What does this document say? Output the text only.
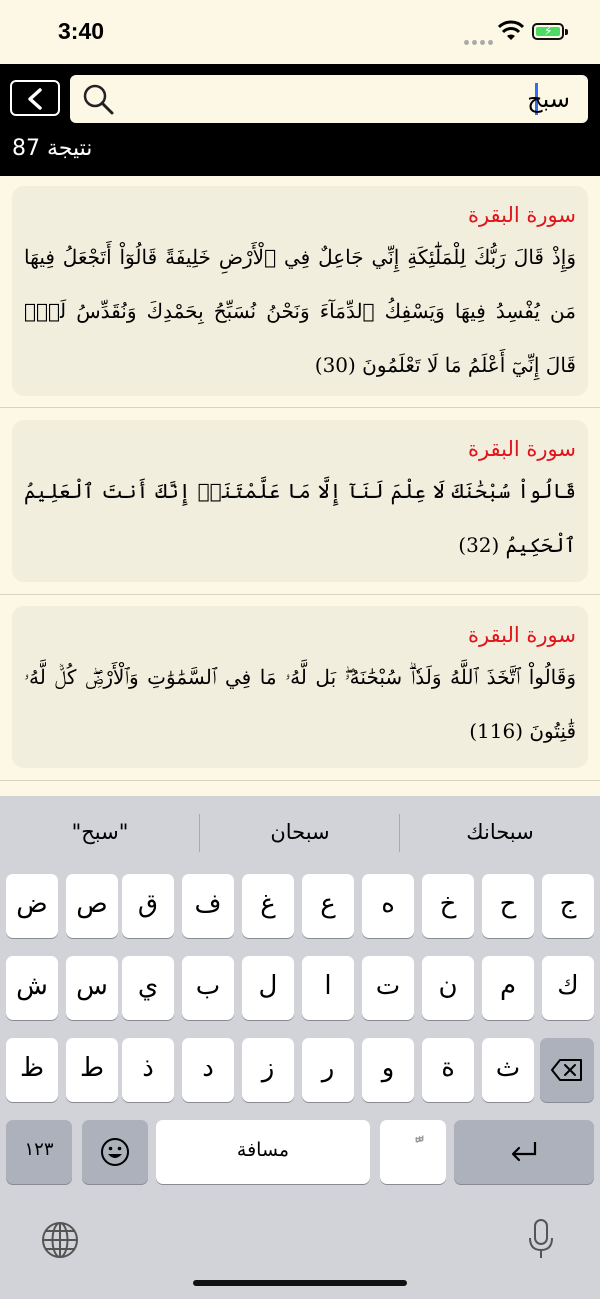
3:40	⚡
سبح
87 نتيجة
سورة البقرة
وَإِذْ قَالَ رَبُّكَ لِلْمَلَٰٓئِكَةِ إِنِّي جَاعِلٌ فِي ٱلْأَرْضِ خَلِيفَةً قَالُوٓاْ أَتَجْعَلُ فِيهَا مَن يُفْسِدُ فِيهَا وَيَسْفِكُ ٱلدِّمَآءَ وَنَحْنُ نُسَبِّحُ بِحَمْدِكَ وَنُقَدِّسُ لَكَۖ قَالَ إِنِّيٓ أَعْلَمُ مَا لَا تَعْلَمُونَ (30)
سورة البقرة
قَالُواْ سُبْحَٰنَكَ لَا عِلْمَ لَنَآ إِلَّا مَا عَلَّمْتَنَآۖ إِنَّكَ أَنتَ ٱلْعَلِيمُ ٱلْحَكِيمُ (32)
سورة البقرة
وَقَالُواْ ٱتَّخَذَ ٱللَّهُ وَلَدٗاۗ سُبْحَٰنَهُۥۖ بَل لَّهُۥ مَا فِي ٱلسَّمَٰوَٰتِ وَٱلْأَرْضِۖ كُلّٞ لَّهُۥ قَٰنِتُونَ (116)
سبحانك
سبحان
"سبح"
ج
ح
خ
ه
ع
غ
ف
ق
ص
ض
ك
م
ن
ت
ا
ل
ب
ي
س
ش
ث
ة
و
ر
ز
د
ذ
ط
ظ
١٢٣	مسافة
